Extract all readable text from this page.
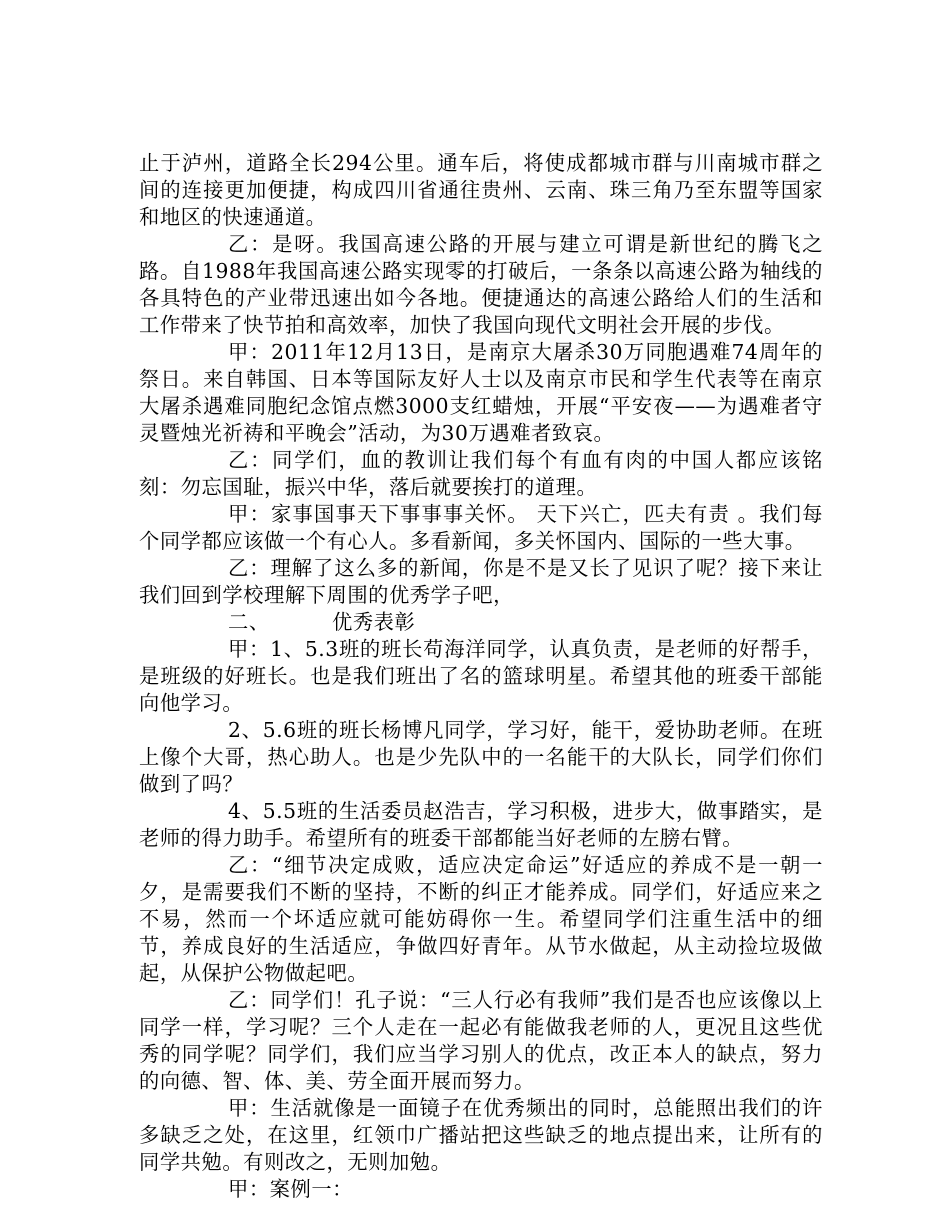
止于泸州，道路全长294公里。通车后，将使成都城市群与川南城市群之间的连接更加便捷，构成四川省通往贵州、云南、珠三角乃至东盟等国家和地区的快速通道。

乙：是呀。我国高速公路的开展与建立可谓是新世纪的腾飞之路。自1988年我国高速公路实现零的打破后，一条条以高速公路为轴线的各具特色的产业带迅速出如今各地。便捷通达的高速公路给人们的生活和工作带来了快节拍和高效率，加快了我国向现代文明社会开展的步伐。

甲：2011年12月13日，是南京大屠杀30万同胞遇难74周年的祭日。来自韩国、日本等国际友好人士以及南京市民和学生代表等在南京大屠杀遇难同胞纪念馆点燃3000支红蜡烛，开展“平安夜——为遇难者守灵暨烛光祈祷和平晚会”活动，为30万遇难者致哀。

乙：同学们，血的教训让我们每个有血有肉的中国人都应该铭刻：勿忘国耻，振兴中华，落后就要挨打的道理。

甲：家事国事天下事事事关怀。 天下兴亡，匹夫有责 。我们每个同学都应该做一个有心人。多看新闻，多关怀国内、国际的一些大事。

乙：理解了这么多的新闻，你是不是又长了见识了呢？接下来让我们回到学校理解下周围的优秀学子吧，

二、	优秀表彰

甲：1、5.3班的班长苟海洋同学，认真负责，是老师的好帮手，是班级的好班长。也是我们班出了名的篮球明星。希望其他的班委干部能向他学习。

2、5.6班的班长杨博凡同学，学习好，能干，爱协助老师。在班上像个大哥，热心助人。也是少先队中的一名能干的大队长，同学们你们做到了吗？

4、5.5班的生活委员赵浩吉，学习积极，进步大，做事踏实，是老师的得力助手。希望所有的班委干部都能当好老师的左膀右臂。

乙：“细节决定成败，适应决定命运”好适应的养成不是一朝一夕，是需要我们不断的坚持，不断的纠正才能养成。同学们，好适应来之不易，然而一个坏适应就可能妨碍你一生。希望同学们注重生活中的细节，养成良好的生活适应，争做四好青年。从节水做起，从主动捡垃圾做起，从保护公物做起吧。

乙：同学们！孔子说：“三人行必有我师”我们是否也应该像以上同学一样，学习呢？三个人走在一起必有能做我老师的人，更况且这些优秀的同学呢？同学们，我们应当学习别人的优点，改正本人的缺点，努力的向德、智、体、美、劳全面开展而努力。

甲：生活就像是一面镜子在优秀频出的同时，总能照出我们的许多缺乏之处，在这里，红领巾广播站把这些缺乏的地点提出来，让所有的同学共勉。有则改之，无则加勉。

甲：案例一：
